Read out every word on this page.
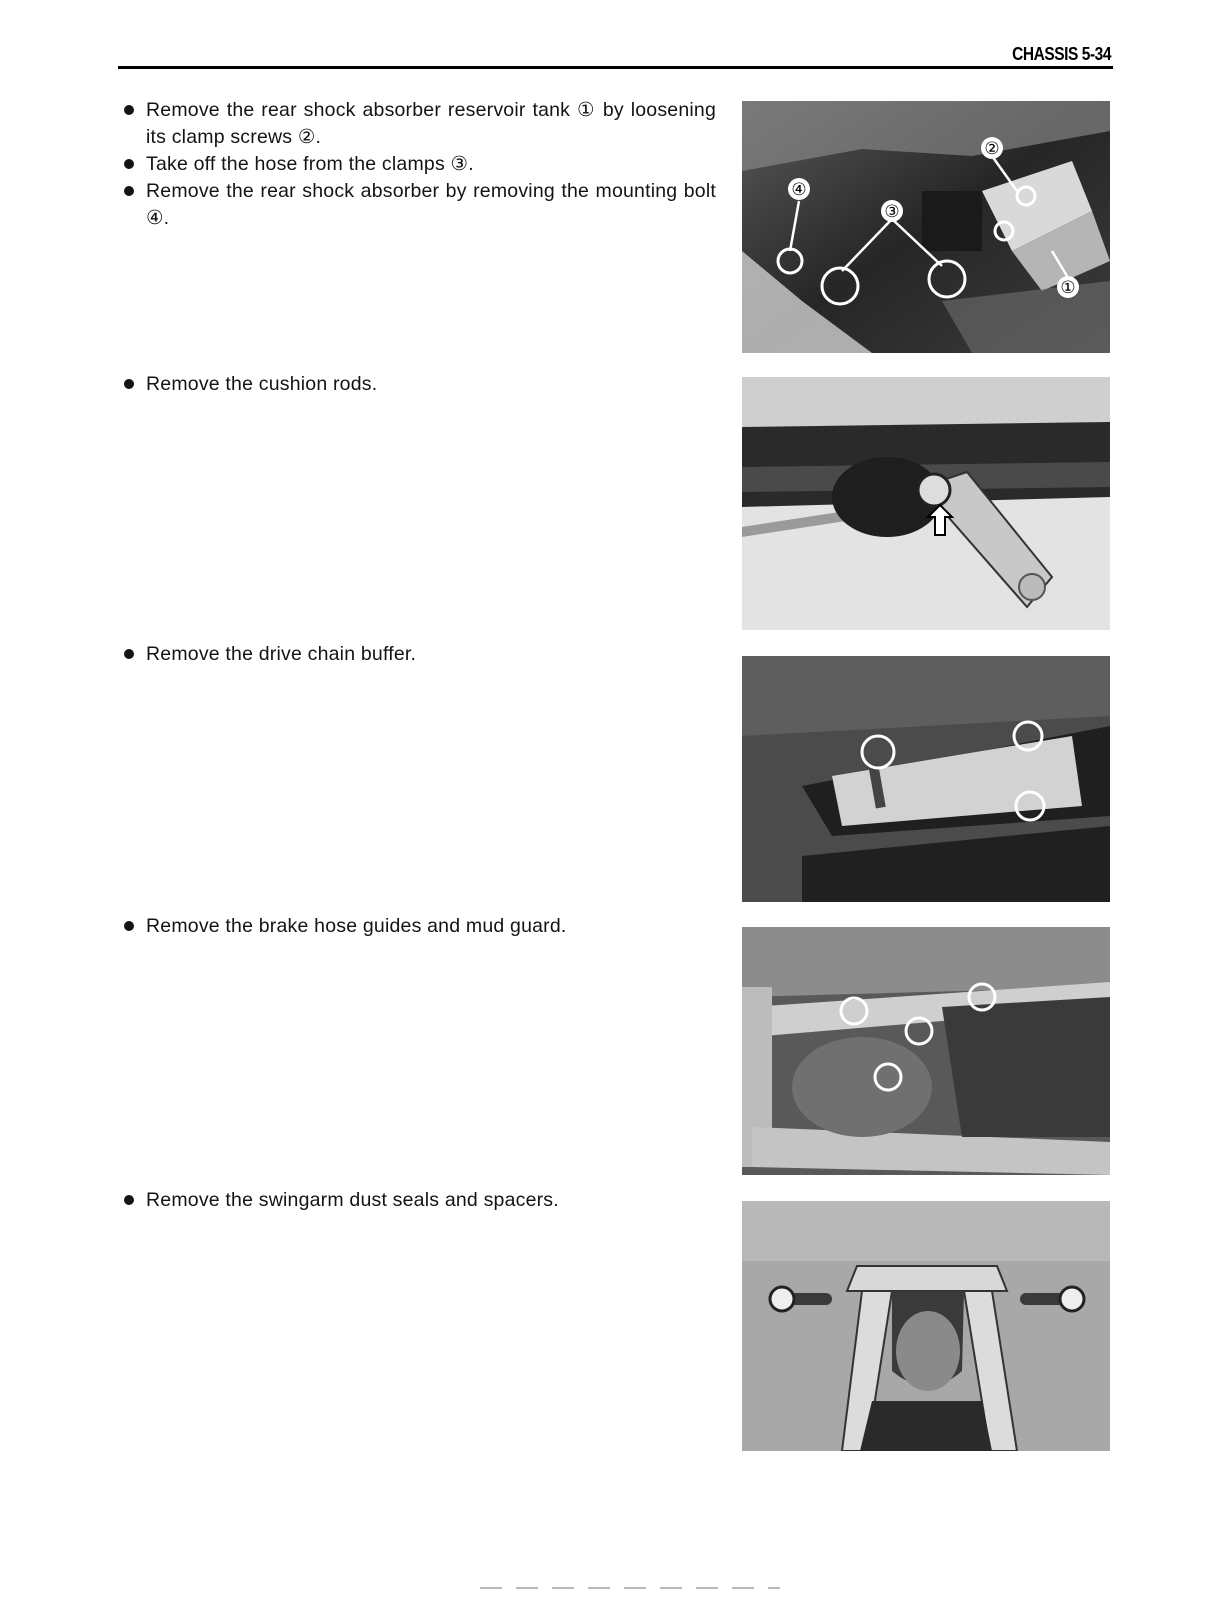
CHASSIS 5-34
Remove the rear shock absorber reservoir tank ① by loosening its clamp screws ②.
Take off the hose from the clamps ③.
Remove the rear shock absorber by removing the mounting bolt ④.
④
③
②
①
Remove the cushion rods.
Remove the drive chain buffer.
Remove the brake hose guides and mud guard.
Remove the swingarm dust seals and spacers.
